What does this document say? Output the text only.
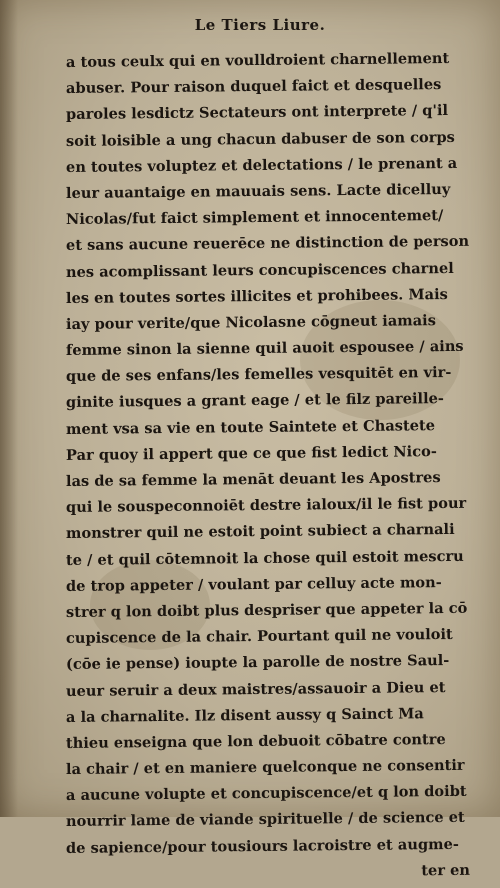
Le Tiers Liure.
a tous ceulx qui en voulldroient charnellement
abuser. Pour raison duquel faict et desquelles
paroles lesdictz Sectateurs ont interprete / q'il
soit loisible a ung chacun dabuser de son corps
en toutes voluptez et delectations / le prenant a
leur auantaige en mauuais sens. Lacte dicelluy
Nicolas/fut faict simplement et innocentemet/
et sans aucune reuerēce ne distinction de person
nes acomplissant leurs concupiscences charnel
les en toutes sortes illicites et prohibees. Mais
iay pour verite/que Nicolasne cōgneut iamais
femme sinon la sienne quil auoit espousee / ains
que de ses enfans/les femelles vesquitēt en vir-
ginite iusques a grant eage / et le filz pareille-
ment vsa sa vie en toute Saintete et Chastete
Par quoy il appert que ce que fist ledict Nico-
las de sa femme la menāt deuant les Apostres
qui le souspeconnoiēt destre ialoux/il le fist pour
monstrer quil ne estoit point subiect a charnali
te / et quil cōtemnoit la chose quil estoit mescru
de trop appeter / voulant par celluy acte mon-
strer q lon doibt plus despriser que appeter la cō
cupiscence de la chair. Pourtant quil ne vouloit
(cōe ie pense) ioupte la parolle de nostre Saul-
ueur seruir a deux maistres/assauoir a Dieu et
a la charnalite. Ilz disent aussy q Sainct Ma
thieu enseigna que lon debuoit cōbatre contre
la chair / et en maniere quelconque ne consentir
a aucune volupte et concupiscence/et q lon doibt
nourrir lame de viande spirituelle / de science et
de sapience/pour tousiours lacroistre et augme-
ter en
